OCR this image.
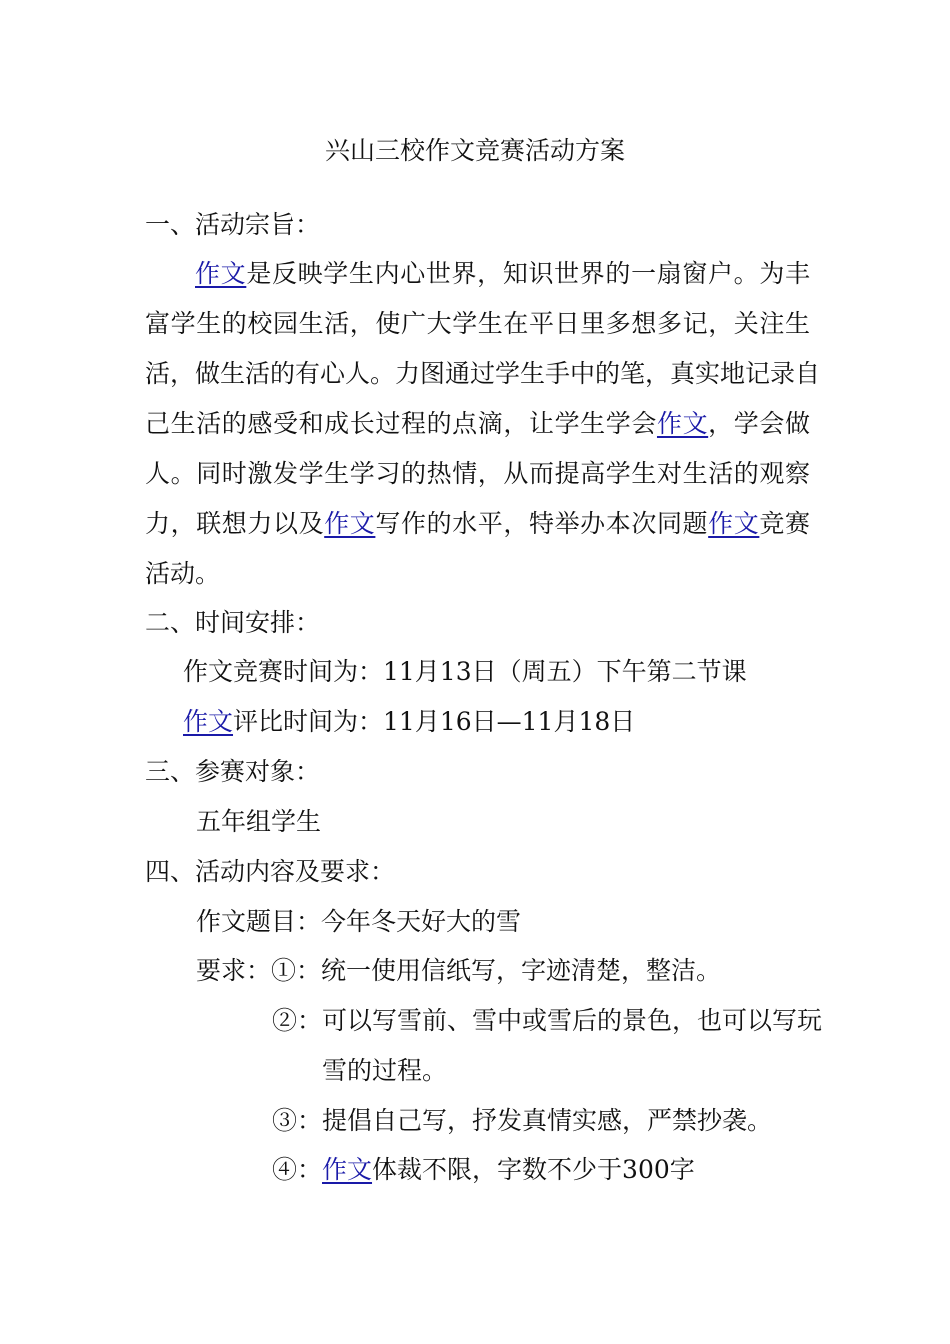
兴山三校作文竞赛活动方案
一、活动宗旨：
作文是反映学生内心世界，知识世界的一扇窗户。为丰
富学生的校园生活，使广大学生在平日里多想多记，关注生
活，做生活的有心人。力图通过学生手中的笔，真实地记录自
己生活的感受和成长过程的点滴，让学生学会作文，学会做
人。同时激发学生学习的热情，从而提高学生对生活的观察
力，联想力以及作文写作的水平，特举办本次同题作文竞赛
活动。
二、时间安排：
作文竞赛时间为：11月13日（周五）下午第二节课
作文评比时间为：11月16日—11月18日
三、参赛对象：
五年组学生
四、活动内容及要求：
作文题目：今年冬天好大的雪
要求：①：统一使用信纸写，字迹清楚，整洁。
②：可以写雪前、雪中或雪后的景色，也可以写玩
雪的过程。
③：提倡自己写，抒发真情实感，严禁抄袭。
④：作文体裁不限，字数不少于300字
